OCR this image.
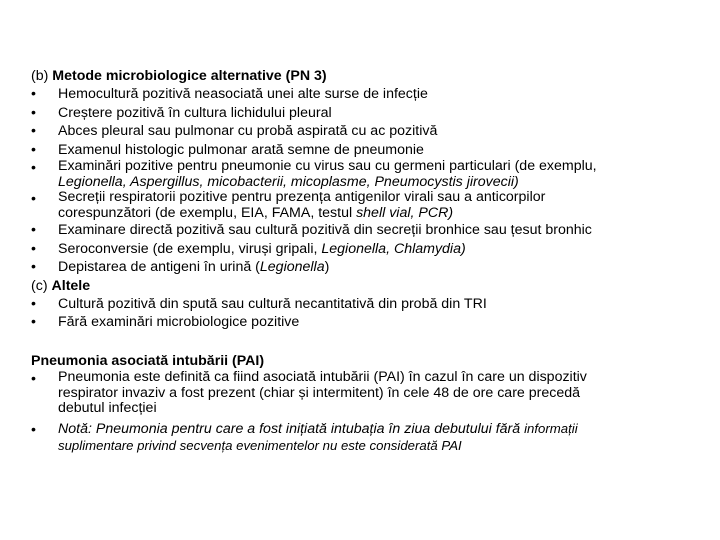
(b) Metode microbiologice alternative (PN 3)
•	Hemocultură pozitivă neasociată unei alte surse de infecție
•	Creștere pozitivă în cultura lichidului pleural
•	Abces pleural sau pulmonar cu probă aspirată cu ac pozitivă
•	Examenul histologic pulmonar arată semne de pneumonie
•	Examinări pozitive pentru pneumonie cu virus sau cu germeni particulari (de exemplu,
Legionella, Aspergillus, micobacterii, micoplasme, Pneumocystis jirovecii)
•	Secreții respiratorii pozitive pentru prezența antigenilor virali sau a anticorpilor
corespunzători (de exemplu, EIA, FAMA, testul shell vial, PCR)
•	Examinare directă pozitivă sau cultură pozitivă din secreții bronhice sau țesut bronhic
•	Seroconversie (de exemplu, viruși gripali, Legionella, Chlamydia)
•	Depistarea de antigeni în urină (Legionella)
(c) Altele
•	Cultură pozitivă din spută sau cultură necantitativă din probă din TRI
•	Fără examinări microbiologice pozitive
Pneumonia asociată intubării (PAI)
•	Pneumonia este definită ca fiind asociată intubării (PAI) în cazul în care un dispozitiv
respirator invaziv a fost prezent (chiar și intermitent) în cele 48 de ore care precedă
debutul infecției
•	Notă: Pneumonia pentru care a fost inițiată intubația în ziua debutului fără informații
suplimentare privind secvența evenimentelor nu este considerată PAI
